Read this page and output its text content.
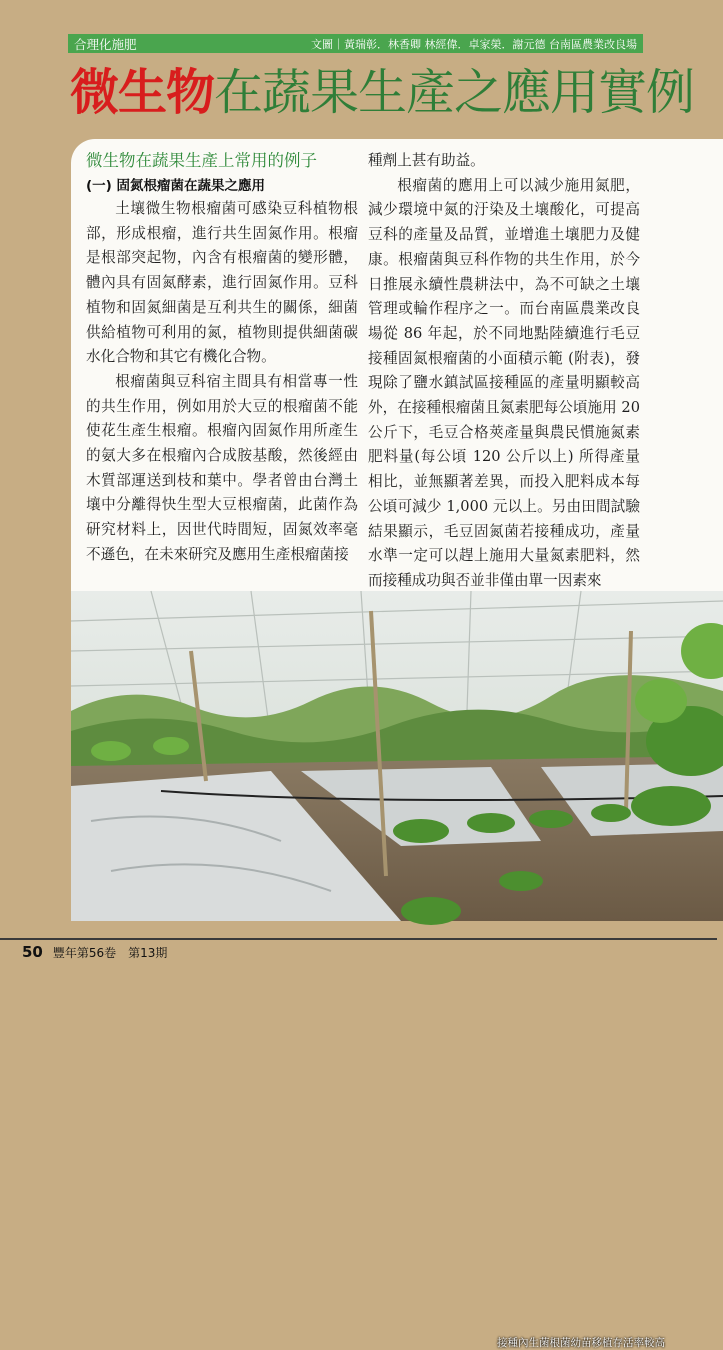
合理化施肥	文圖｜黃瑞彰．林香卿 林經偉．卓家榮．謝元德 台南區農業改良場
微生物在蔬果生產之應用實例
微生物在蔬果生產上常用的例子
(一) 固氮根瘤菌在蔬果之應用

土壤微生物根瘤菌可感染豆科植物根部，形成根瘤，進行共生固氮作用。根瘤是根部突起物，內含有根瘤菌的變形體，體內具有固氮酵素，進行固氮作用。豆科植物和固氮細菌是互利共生的關係，細菌供給植物可利用的氮，植物則提供細菌碳水化合物和其它有機化合物。

根瘤菌與豆科宿主間具有相當專一性的共生作用，例如用於大豆的根瘤菌不能使花生產生根瘤。根瘤內固氮作用所產生的氨大多在根瘤內合成胺基酸，然後經由木質部運送到枝和葉中。學者曾由台灣土壤中分離得快生型大豆根瘤菌，此菌作為研究材料上，因世代時間短，固氮效率毫不遜色，在未來研究及應用生產根瘤菌接

種劑上甚有助益。

根瘤菌的應用上可以減少施用氮肥，減少環境中氮的汙染及土壤酸化，可提高豆科的產量及品質，並增進土壤肥力及健康。根瘤菌與豆科作物的共生作用，於今日推展永續性農耕法中，為不可缺之土壤管理或輪作程序之一。而台南區農業改良場從 86 年起，於不同地點陸續進行毛豆接種固氮根瘤菌的小面積示範 (附表)，發現除了鹽水鎮試區接種區的產量明顯較高外，在接種根瘤菌且氮素肥每公頃施用 20 公斤下，毛豆合格莢產量與農民慣施氮素肥料量(每公頃 120 公斤以上) 所得產量相比，並無顯著差異，而投入肥料成本每公頃可減少 1,000 元以上。另由田間試驗結果顯示，毛豆固氮菌若接種成功，產量水準一定可以趕上施用大量氮素肥料，然而接種成功與否並非僅由單一因素來

接種內生菌根菌幼苗移植存活率較高
50 豐年第56卷　第13期
